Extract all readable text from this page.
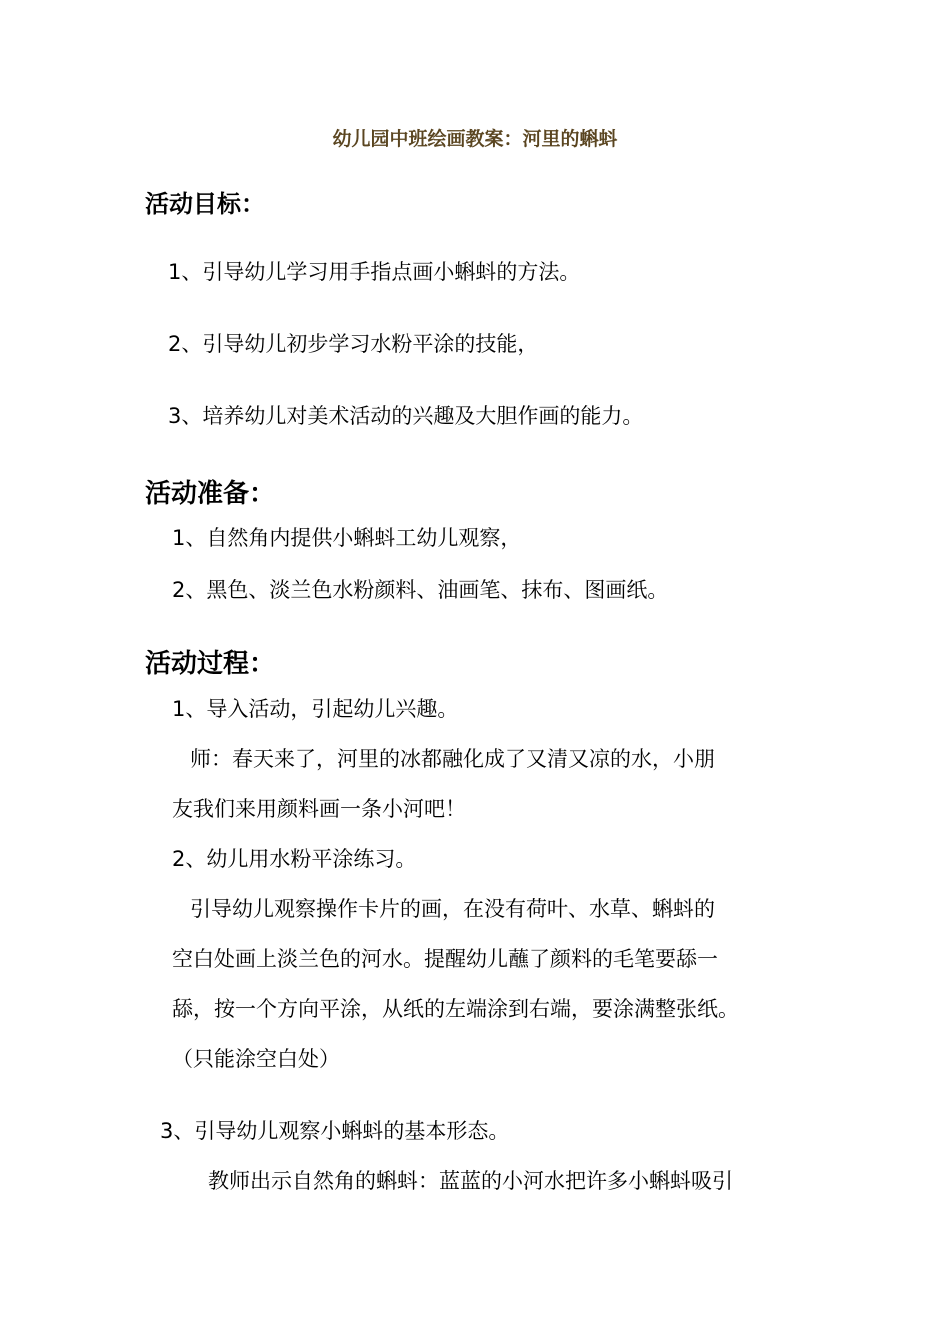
幼儿园中班绘画教案：河里的蝌蚪

活动目标：

1、引导幼儿学习用手指点画小蝌蚪的方法。

2、引导幼儿初步学习水粉平涂的技能，

3、培养幼儿对美术活动的兴趣及大胆作画的能力。

活动准备：

1、自然角内提供小蝌蚪工幼儿观察，

2、黑色、淡兰色水粉颜料、油画笔、抹布、图画纸。

活动过程：

1、导入活动，引起幼儿兴趣。

师：春天来了，河里的冰都融化成了又清又凉的水，小朋

友我们来用颜料画一条小河吧！

2、幼儿用水粉平涂练习。

引导幼儿观察操作卡片的画，在没有荷叶、水草、蝌蚪的

空白处画上淡兰色的河水。提醒幼儿蘸了颜料的毛笔要舔一

舔，按一个方向平涂，从纸的左端涂到右端，要涂满整张纸。

（只能涂空白处）

3、引导幼儿观察小蝌蚪的基本形态。

教师出示自然角的蝌蚪：蓝蓝的小河水把许多小蝌蚪吸引
